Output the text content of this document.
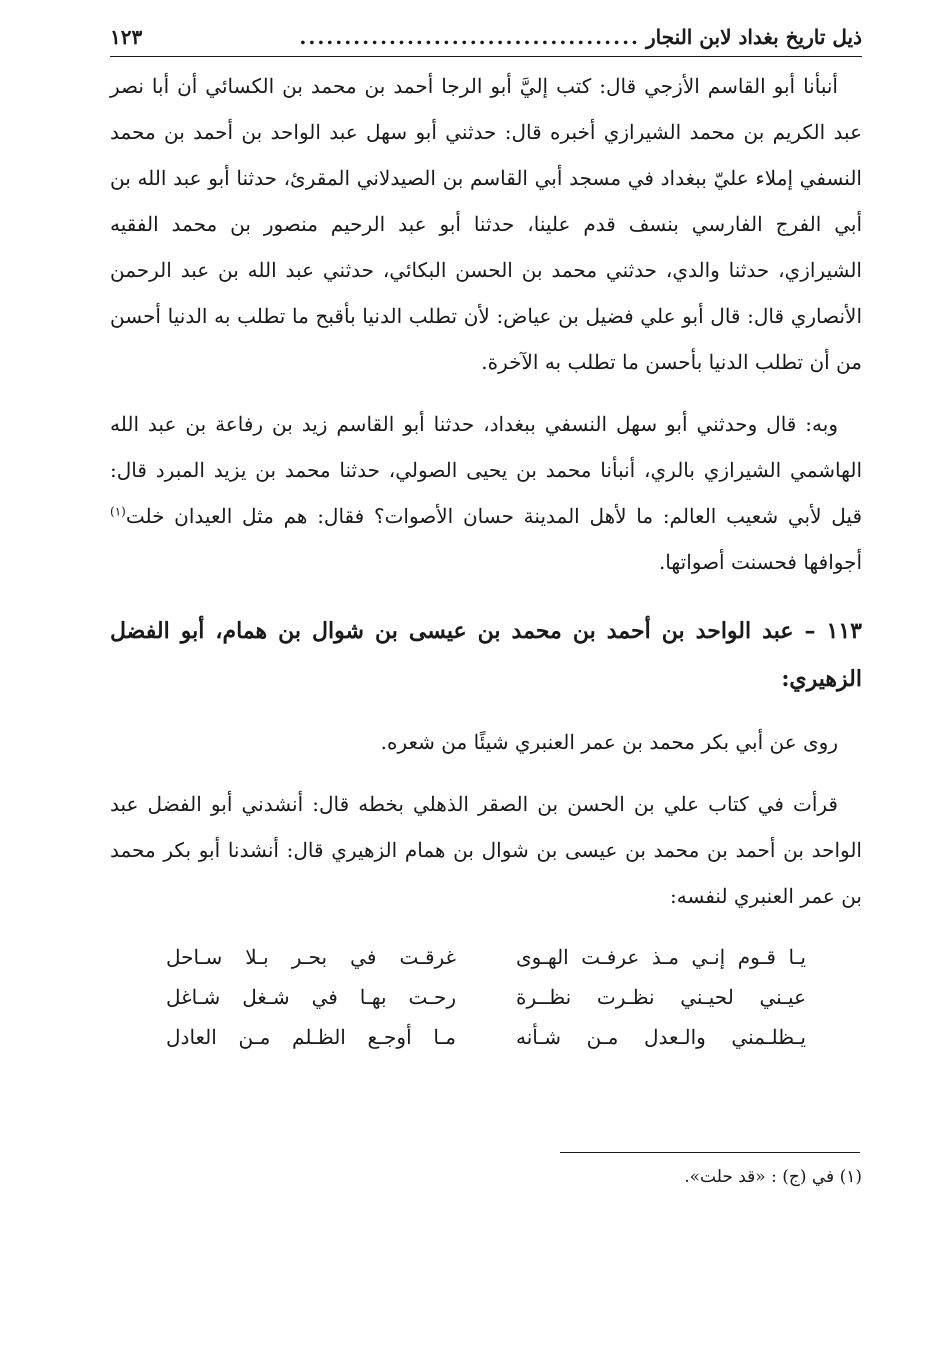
ذيل تاريخ بغداد لابن النجار
......................................
١٢٣

أنبأنا أبو القاسم الأزجي قال: كتب إليَّ أبو الرجا أحمد بن محمد بن الكسائي أن أبا نصر عبد الكريم بن محمد الشيرازي أخبره قال: حدثني أبو سهل عبد الواحد بن أحمد بن محمد النسفي إملاء عليّ ببغداد في مسجد أبي القاسم بن الصيدلاني المقرئ، حدثنا أبو عبد الله بن أبي الفرج الفارسي بنسف قدم علينا، حدثنا أبو عبد الرحيم منصور بن محمد الفقيه الشيرازي، حدثنا والدي، حدثني محمد بن الحسن البكائي، حدثني عبد الله بن عبد الرحمن الأنصاري قال: قال أبو علي فضيل بن عياض: لأن تطلب الدنيا بأقبح ما تطلب به الدنيا أحسن من أن تطلب الدنيا بأحسن ما تطلب به الآخرة.

وبه: قال وحدثني أبو سهل النسفي ببغداد، حدثنا أبو القاسم زيد بن رفاعة بن عبد الله الهاشمي الشيرازي بالري، أنبأنا محمد بن يحيى الصولي، حدثنا محمد بن يزيد المبرد قال: قيل لأبي شعيب العالم: ما لأهل المدينة حسان الأصوات؟ فقال: هم مثل العيدان خلت$^{(١)}$ أجوافها فحسنت أصواتها.

١١٣ – عبد الواحد بن أحمد بن محمد بن عيسى بن شوال بن همام، أبو الفضل الزهيري:

روى عن أبي بكر محمد بن عمر العنبري شيئًا من شعره.

قرأت في كتاب علي بن الحسن بن الصقر الذهلي بخطه قال: أنشدني أبو الفضل عبد الواحد بن أحمد بن محمد بن عيسى بن شوال بن همام الزهيري قال: أنشدنا أبو بكر محمد بن عمر العنبري لنفسه:

يـا قـوم إنـي مـذ عرفـت الهـوى
غرقـت في بحـر بـلا سـاحل
عيـني لحيـني نظـرت نظــرة
رحـت بهـا في شـغل شـاغل
يـظلـمني والـعدل مـن شـأنه
مـا أوجـع الظـلم مـن العادل
(١) في (ج) : «قد حلت».
